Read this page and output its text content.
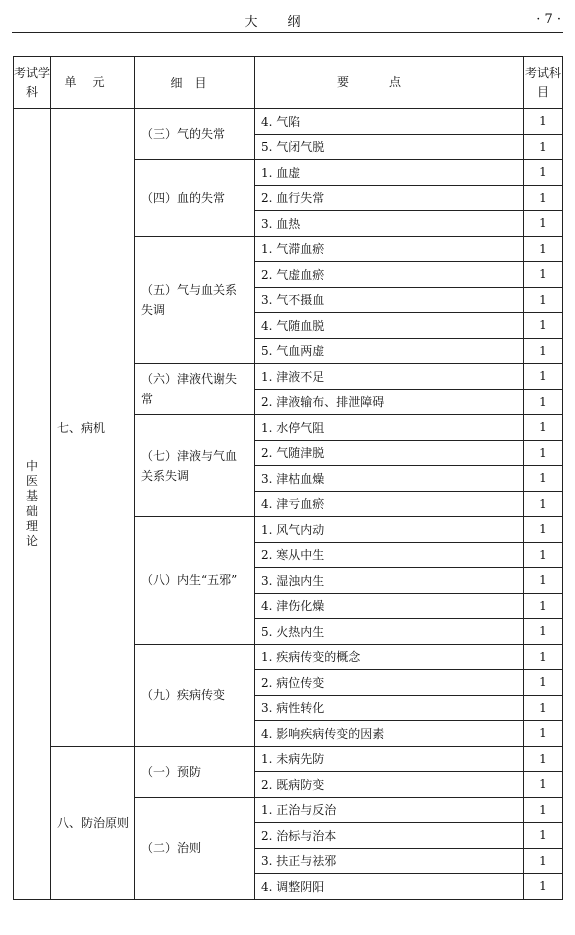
大纲	· 7 ·
考试学科	单元	细目	要点	考试科目
中医基础理论	七、病机	（三）气的失常	4. 气陷	1
			5. 气闭气脱	1
		（四）血的失常	1. 血虚	1
			2. 血行失常	1
			3. 血热	1
		（五）气与血关系失调	1. 气滞血瘀	1
			2. 气虚血瘀	1
			3. 气不摄血	1
			4. 气随血脱	1
			5. 气血两虚	1
		（六）津液代谢失常	1. 津液不足	1
			2. 津液输布、排泄障碍	1
		（七）津液与气血关系失调	1. 水停气阻	1
			2. 气随津脱	1
			3. 津枯血燥	1
			4. 津亏血瘀	1
		（八）内生“五邪”	1. 风气内动	1
			2. 寒从中生	1
			3. 湿浊内生	1
			4. 津伤化燥	1
			5. 火热内生	1
		（九）疾病传变	1. 疾病传变的概念	1
			2. 病位传变	1
			3. 病性转化	1
			4. 影响疾病传变的因素	1
	八、防治原则	（一）预防	1. 未病先防	1
			2. 既病防变	1
		（二）治则	1. 正治与反治	1
			2. 治标与治本	1
			3. 扶正与祛邪	1
			4. 调整阴阳	1
